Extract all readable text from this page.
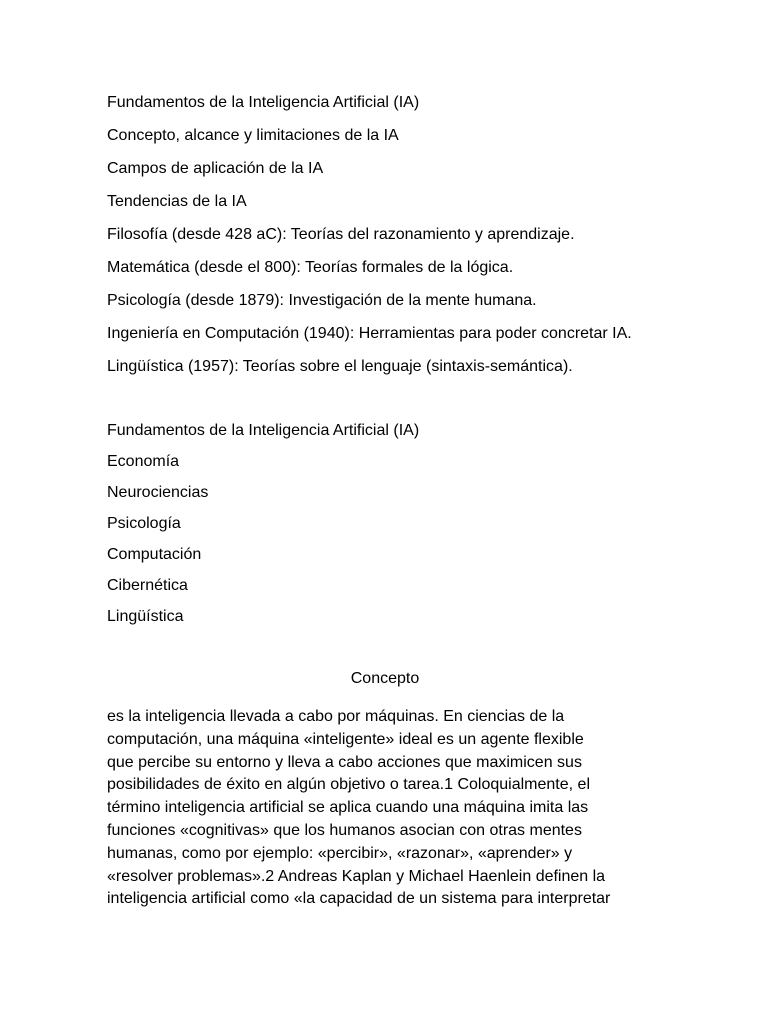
Fundamentos de la Inteligencia Artificial (IA)

Concepto, alcance y limitaciones de la IA

Campos de aplicación de la IA

Tendencias de la IA

Filosofía (desde 428 aC): Teorías del razonamiento y aprendizaje.

Matemática (desde el 800): Teorías formales de la lógica.

Psicología (desde 1879): Investigación de la mente humana.

Ingeniería en Computación (1940): Herramientas para poder concretar IA.

Lingüística (1957): Teorías sobre el lenguaje (sintaxis-semántica).

Fundamentos de la Inteligencia Artificial (IA)

Economía

Neurociencias

Psicología

Computación

Cibernética

Lingüística

Concepto

es la inteligencia llevada a cabo por máquinas. En ciencias de la
computación, una máquina «inteligente» ideal es un agente flexible
que percibe su entorno y lleva a cabo acciones que maximicen sus
posibilidades de éxito en algún objetivo o tarea.1 Coloquialmente, el
término inteligencia artificial se aplica cuando una máquina imita las
funciones «cognitivas» que los humanos asocian con otras mentes
humanas, como por ejemplo: «percibir», «razonar», «aprender» y
«resolver problemas».2 Andreas Kaplan y Michael Haenlein definen la
inteligencia artificial como «la capacidad de un sistema para interpretar
